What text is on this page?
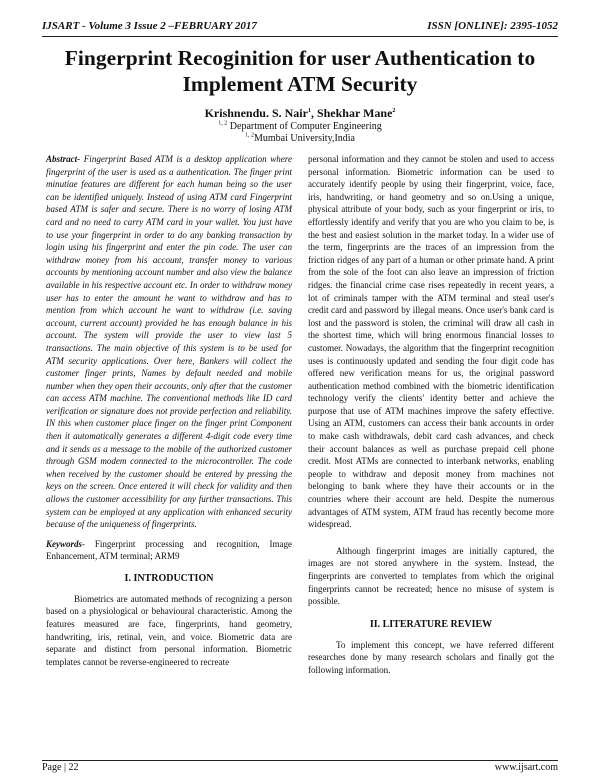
IJSART - Volume 3 Issue 2 –FEBRUARY 2017	ISSN [ONLINE]: 2395-1052
Fingerprint Recoginition for user Authentication to Implement ATM Security
Krishnendu. S. Nair$^1$, Shekhar Mane$^2$
$^{1, 2}$ Department of Computer Engineering
$^{1, 2}$Mumbai University,India

Abstract- Fingerprint Based ATM is a desktop application where fingerprint of the user is used as a authentication. The finger print minutiae features are different for each human being so the user can be identified uniquely. Instead of using ATM card Fingerprint based ATM is safer and secure. There is no worry of losing ATM card and no need to carry ATM card in your wallet. You just have to use your fingerprint in order to do any banking transaction by login using his fingerprint and enter the pin code. The user can withdraw money from his account, transfer money to various accounts by mentioning account number and also view the balance available in his respective account etc. In order to withdraw money user has to enter the amount he want to withdraw and has to mention from which account he want to withdraw (i.e. saving account, current account) provided he has enough balance in his account. The system will provide the user to view last 5 transactions. The main objective of this system is to be used for ATM security applications. Over here, Bankers will collect the customer finger prints, Names by default needed and mobile number when they open their accounts, only after that the customer can access ATM machine. The conventional methods like ID card verification or signature does not provide perfection and reliability. IN this when customer place finger on the finger print Component then it automatically generates a different 4-digit code every time and it sends as a message to the mobile of the authorized customer through GSM modem connected to the microcontroller. The code when received by the customer should be entered by pressing the keys on the screen. Once entered it will check for validity and then allows the customer accessibility for any further transactions. This system can be employed at any application with enhanced security because of the uniqueness of fingerprints.

Keywords- Fingerprint processing and recognition, Image Enhancement, ATM terminal; ARM9

I. INTRODUCTION

Biometrics are automated methods of recognizing a person based on a physiological or behavioural characteristic. Among the features measured are face, fingerprints, hand geometry, handwriting, iris, retinal, vein, and voice. Biometric data are separate and distinct from personal information. Biometric templates cannot be reverse-engineered to recreate

personal information and they cannot be stolen and used to access personal information. Biometric information can be used to accurately identify people by using their fingerprint, voice, face, iris, handwriting, or hand geometry and so on.Using a unique, physical attribute of your body, such as your fingerprint or iris, to effortlessly identify and verify that you are who you claim to be, is the best and easiest solution in the market today. In a wider use of the term, fingerprints are the traces of an impression from the friction ridges of any part of a human or other primate hand. A print from the sole of the foot can also leave an impression of friction ridges. the financial crime case rises repeatedly in recent years, a lot of criminals tamper with the ATM terminal and steal user's credit card and password by illegal means. Once user's bank card is lost and the password is stolen, the criminal will draw all cash in the shortest time, which will bring enormous financial losses to customer. Nowadays, the algorithm that the fingerprint recognition uses is continuously updated and sending the four digit code has offered new verification means for us, the original password authentication method combined with the biometric identification technology verify the clients' identity better and achieve the purpose that use of ATM machines improve the safety effective. Using an ATM, customers can access their bank accounts in order to make cash withdrawals, debit card cash advances, and check their account balances as well as purchase prepaid cell phone credit. Most ATMs are connected to interbank networks, enabling people to withdraw and deposit money from machines not belonging to bank where they have their accounts or in the countries where their account are held. Despite the numerous advantages of ATM system, ATM fraud has recently become more widespread.

Although fingerprint images are initially captured, the images are not stored anywhere in the system. Instead, the fingerprints are converted to templates from which the original fingerprints cannot be recreated; hence no misuse of system is possible.

II. LITERATURE REVIEW

To implement this concept, we have referred different researches done by many research scholars and finally got the following information.

Page | 22	www.ijsart.com
